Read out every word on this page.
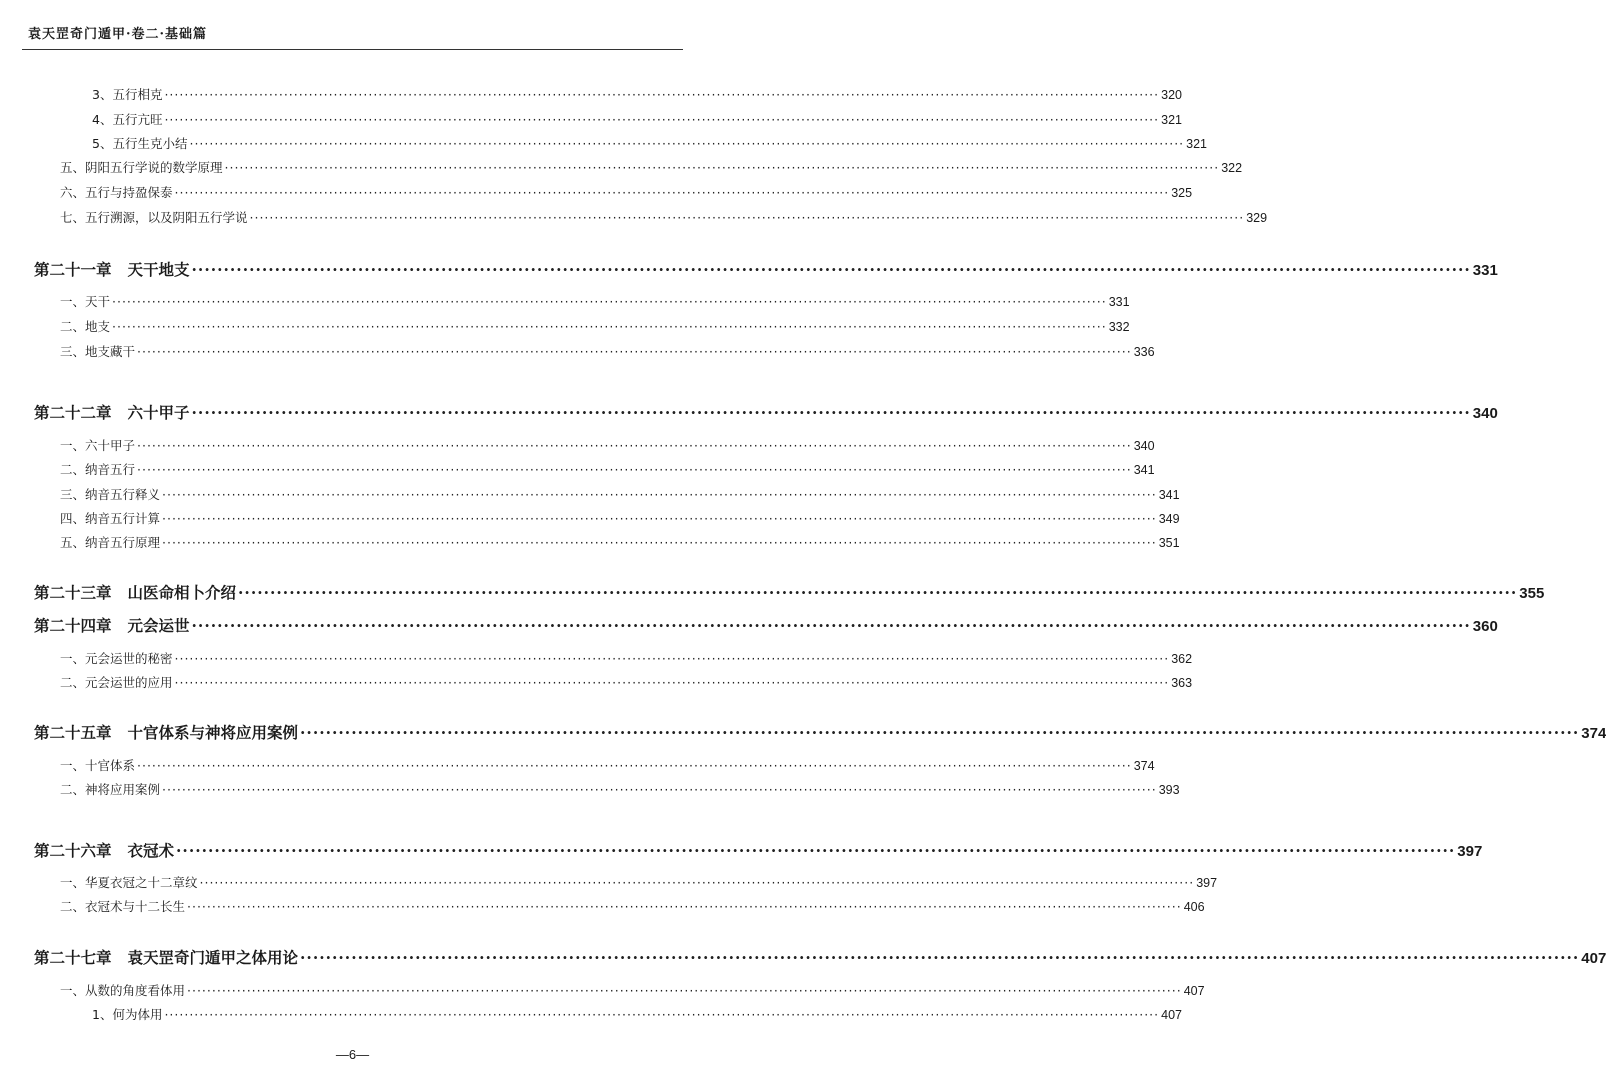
袁天罡奇门遁甲·卷二·基础篇
3、五行相克 ········································································································································································································ 320
4、五行亢旺 ········································································································································································································ 321
5、五行生克小结 ········································································································································································································ 321
五、阴阳五行学说的数学原理 ········································································································································································································ 322
六、五行与持盈保泰 ········································································································································································································ 325
七、五行溯源，以及阴阳五行学说 ········································································································································································································ 329
第二十一章 天干地支 ········································································································································································································ 331
一、天干 ········································································································································································································ 331
二、地支 ········································································································································································································ 332
三、地支藏干 ········································································································································································································ 336
第二十二章 六十甲子 ········································································································································································································ 340
一、六十甲子 ········································································································································································································ 340
二、纳音五行 ········································································································································································································ 341
三、纳音五行释义 ········································································································································································································ 341
四、纳音五行计算 ········································································································································································································ 349
五、纳音五行原理 ········································································································································································································ 351
第二十三章 山医命相卜介绍 ········································································································································································································ 355
第二十四章 元会运世 ········································································································································································································ 360
一、元会运世的秘密 ········································································································································································································ 362
二、元会运世的应用 ········································································································································································································ 363
第二十五章 十官体系与神将应用案例 ········································································································································································································ 374
一、十官体系 ········································································································································································································ 374
二、神将应用案例 ········································································································································································································ 393
第二十六章 衣冠术 ········································································································································································································ 397
一、华夏衣冠之十二章纹 ········································································································································································································ 397
二、衣冠术与十二长生 ········································································································································································································ 406
第二十七章 袁天罡奇门遁甲之体用论 ········································································································································································································ 407
一、从数的角度看体用 ········································································································································································································ 407
1、何为体用 ········································································································································································································ 407
—6—
